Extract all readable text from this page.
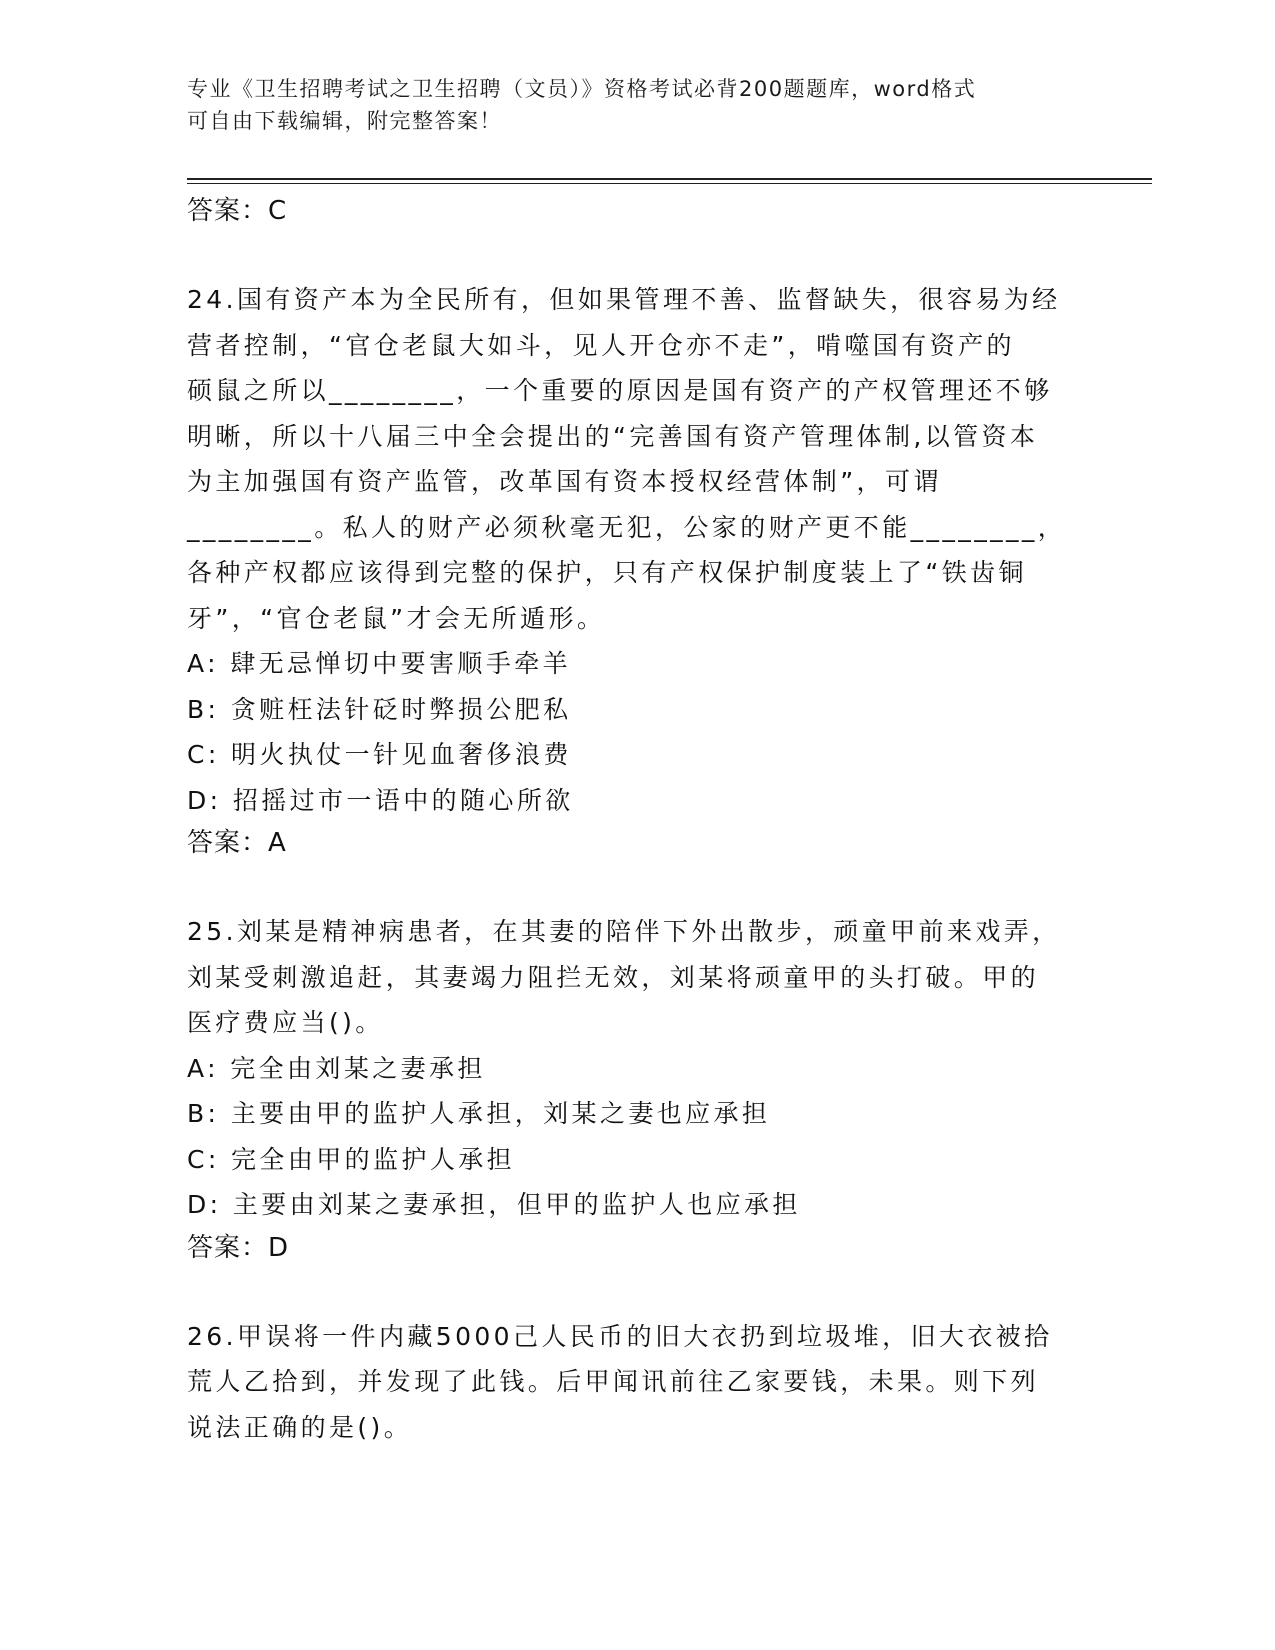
专业《卫生招聘考试之卫生招聘（文员）》资格考试必背200题题库，word格式
可自由下载编辑，附完整答案！
答案：C
24.国有资产本为全民所有，但如果管理不善、监督缺失，很容易为经
营者控制，“官仓老鼠大如斗，见人开仓亦不走”，啃噬国有资产的
硕鼠之所以________，一个重要的原因是国有资产的产权管理还不够
明晰，所以十八届三中全会提出的“完善国有资产管理体制,以管资本
为主加强国有资产监管，改革国有资本授权经营体制”，可谓
________。私人的财产必须秋毫无犯，公家的财产更不能________，
各种产权都应该得到完整的保护，只有产权保护制度装上了“铁齿铜
牙”，“官仓老鼠”才会无所遁形。
A: 肆无忌惮切中要害顺手牵羊
B: 贪赃枉法针砭时弊损公肥私
C: 明火执仗一针见血奢侈浪费
D: 招摇过市一语中的随心所欲
答案：A
25.刘某是精神病患者，在其妻的陪伴下外出散步，顽童甲前来戏弄，
刘某受刺激追赶，其妻竭力阻拦无效，刘某将顽童甲的头打破。甲的
医疗费应当()。
A: 完全由刘某之妻承担
B: 主要由甲的监护人承担，刘某之妻也应承担
C: 完全由甲的监护人承担
D: 主要由刘某之妻承担，但甲的监护人也应承担
答案：D
26.甲误将一件内藏5000己人民币的旧大衣扔到垃圾堆，旧大衣被拾
荒人乙拾到，并发现了此钱。后甲闻讯前往乙家要钱，未果。则下列
说法正确的是()。
